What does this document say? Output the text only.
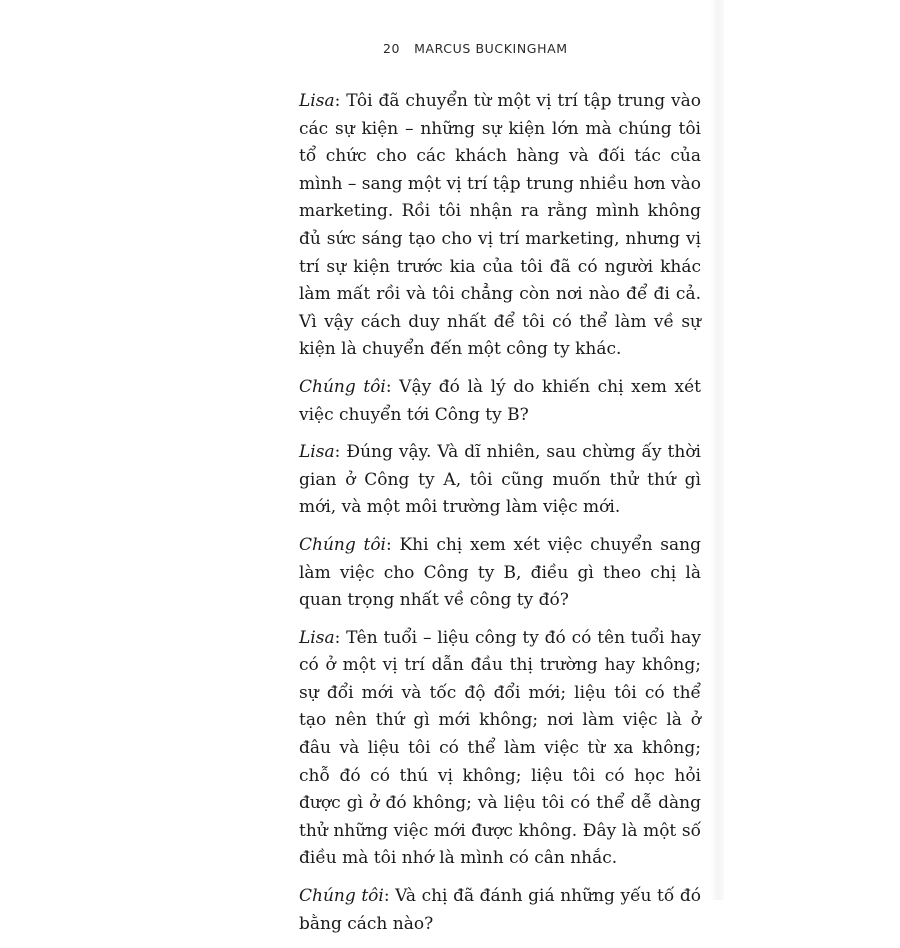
20 MARCUS BUCKINGHAM

Lisa: Tôi đã chuyển từ một vị trí tập trung vào các sự kiện – những sự kiện lớn mà chúng tôi tổ chức cho các khách hàng và đối tác của mình – sang một vị trí tập trung nhiều hơn vào marketing. Rồi tôi nhận ra rằng mình không đủ sức sáng tạo cho vị trí marketing, nhưng vị trí sự kiện trước kia của tôi đã có người khác làm mất rồi và tôi chẳng còn nơi nào để đi cả. Vì vậy cách duy nhất để tôi có thể làm về sự kiện là chuyển đến một công ty khác.

Chúng tôi: Vậy đó là lý do khiến chị xem xét việc chuyển tới Công ty B?

Lisa: Đúng vậy. Và dĩ nhiên, sau chừng ấy thời gian ở Công ty A, tôi cũng muốn thử thứ gì mới, và một môi trường làm việc mới.

Chúng tôi: Khi chị xem xét việc chuyển sang làm việc cho Công ty B, điều gì theo chị là quan trọng nhất về công ty đó?

Lisa: Tên tuổi – liệu công ty đó có tên tuổi hay có ở một vị trí dẫn đầu thị trường hay không; sự đổi mới và tốc độ đổi mới; liệu tôi có thể tạo nên thứ gì mới không; nơi làm việc là ở đâu và liệu tôi có thể làm việc từ xa không; chỗ đó có thú vị không; liệu tôi có học hỏi được gì ở đó không; và liệu tôi có thể dễ dàng thử những việc mới được không. Đây là một số điều mà tôi nhớ là mình có cân nhắc.

Chúng tôi: Và chị đã đánh giá những yếu tố đó bằng cách nào?
